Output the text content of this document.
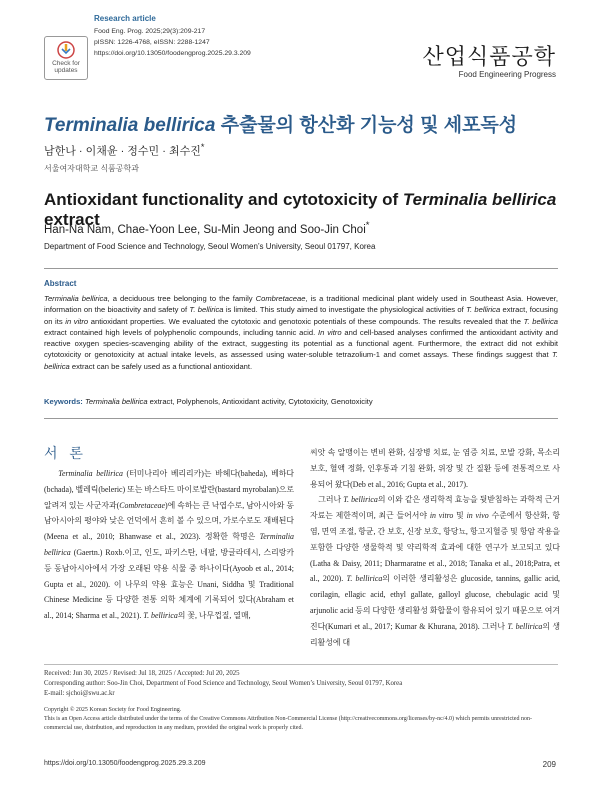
Check for
updates
Research article
Food Eng. Prog. 2025;29(3):209-217
pISSN: 1226-4768, eISSN: 2288-1247
https://doi.org/10.13050/foodengprog.2025.29.3.209	산업식품공학
Food Engineering Progress
Terminalia bellirica 추출물의 항산화 기능성 및 세포독성
남한나 · 이채윤 · 정수민 · 최수진*
서울여자대학교 식품공학과
Antioxidant functionality and cytotoxicity of Terminalia bellirica extract
Han-Na Nam, Chae-Yoon Lee, Su-Min Jeong and Soo-Jin Choi*
Department of Food Science and Technology, Seoul Women’s University, Seoul 01797, Korea
Abstract
Terminalia bellirica, a deciduous tree belonging to the family Combretaceae, is a traditional medicinal plant widely used in Southeast Asia. However, information on the bioactivity and safety of T. bellirica is limited. This study aimed to investigate the physiological activities of T. bellirica extract, focusing on its in vitro antioxidant properties. We evaluated the cytotoxic and genotoxic potentials of these compounds. The results revealed that the T. bellirica extract contained high levels of polyphenolic compounds, including tannic acid. In vitro and cell-based analyses confirmed the antioxidant activity and reactive oxygen species-scavenging ability of the extract, suggesting its potential as a functional agent. Furthermore, the extract did not exhibit cytotoxicity or genotoxicity at actual intake levels, as assessed using water-soluble tetrazolium-1 and comet assays. These findings suggest that T. bellirica extract can be safely used as a functional antioxidant.
Keywords: Terminalia bellirica extract, Polyphenols, Antioxidant activity, Cytotoxicity, Genotoxicity
서 론
Terminalia bellirica (터미나리아 베리리카)는 바헤다(baheda), 베하다(bchada), 벨레릭(beleric) 또는 바스타드 마이로발란(bastard myrobalan)으로 알려져 있는 사군자과(Combretaceae)에 속하는 큰 낙엽수로, 남아시아와 동남아시아의 평야와 낮은 언덕에서 흔히 볼 수 있으며, 가로수로도 재배된다(Meena et al., 2010; Bhanwase et al., 2023). 정확한 학명은 Terminalia bellirica (Gaertn.) Roxb.이고, 인도, 파키스탄, 네팔, 방글라데시, 스리랑카 등 동남아시아에서 가장 오래된 약용 식물 중 하나이다(Ayoob et al., 2014; Gupta et al., 2020). 이 나무의 약용 효능은 Unani, Siddha 및 Traditional Chinese Medicine 등 다양한 전통 의학 체계에 기록되어 있다(Abraham et al., 2014; Sharma et al., 2021). T. bellirica의 꽃, 나무껍질, 열매,
씨앗 속 알맹이는 변비 완화, 심장병 치료, 눈 염증 치료, 모발 강화, 목소리 보호, 혈액 정화, 인후통과 기침 완화, 위장 및 간 질환 등에 전통적으로 사용되어 왔다(Deb et al., 2016; Gupta et al., 2017).
그러나 T. bellirica의 이와 같은 생리학적 효능을 뒷받침하는 과학적 근거 자료는 제한적이며, 최근 들어서야 in vitro 및 in vivo 수준에서 항산화, 항염, 면역 조절, 항균, 간 보호, 신장 보호, 항당뇨, 항고지혈증 및 항암 작용을 포함한 다양한 생물학적 및 약리학적 효과에 대한 연구가 보고되고 있다(Latha & Daisy, 2011; Dharmaratne et al., 2018; Tanaka et al., 2018;Patra, et al., 2020). T. bellirica의 이러한 생리활성은 glucoside, tannins, gallic acid, corilagin, ellagic acid, ethyl gallate, galloyl glucose, chebulagic acid 및 arjunolic acid 등의 다양한 생리활성 화합물이 함유되어 있기 때문으로 여겨진다(Kumari et al., 2017; Kumar & Khurana, 2018). 그러나 T. bellirica의 생리활성에 대
Received: Jun 30, 2025 / Revised: Jul 18, 2025 / Accepted: Jul 20, 2025
Corresponding author: Soo-Jin Choi, Department of Food Science and Technology, Seoul Women’s University, Seoul 01797, Korea
E-mail: sjchoi@swu.ac.kr
Copyright © 2025 Korean Society for Food Engineering.
This is an Open Access article distributed under the terms of the Creative Commons Attribution Non-Commercial License (http://creativecommons.org/licenses/by-nc/4.0) which permits unrestricted non-commercial use, distribution, and reproduction in any medium, provided the original work is properly cited.
https://doi.org/10.13050/foodengprog.2025.29.3.209	209
